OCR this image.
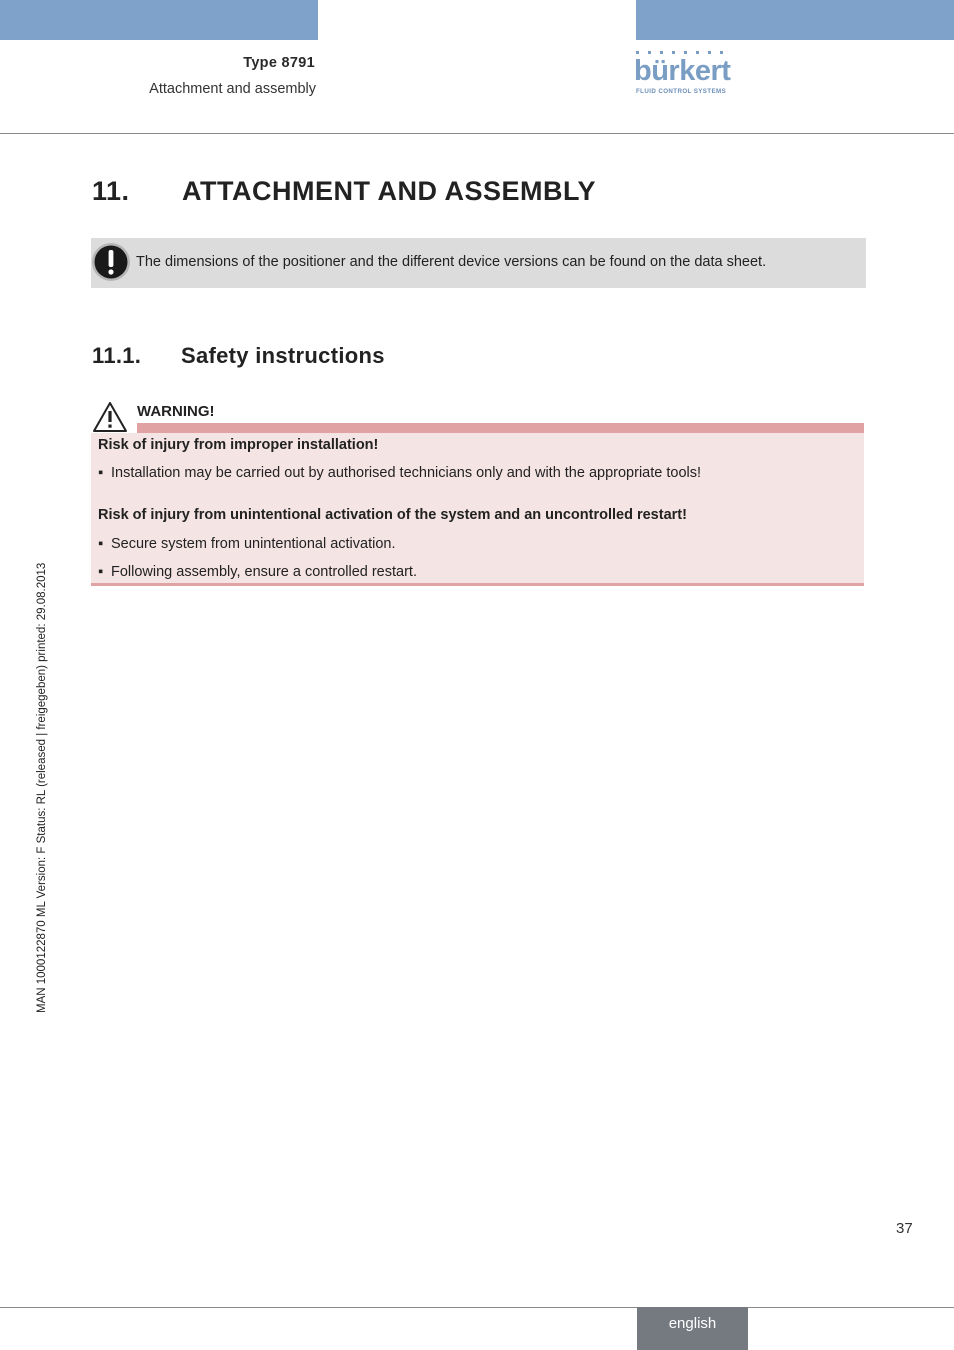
Type 8791
Attachment and assembly
bürkert
FLUID CONTROL SYSTEMS
11. ATTACHMENT AND ASSEMBLY
The dimensions of the positioner and the different device versions can be found on the data sheet.
11.1. Safety instructions
WARNING!
Risk of injury from improper installation!
▪ Installation may be carried out by authorised technicians only and with the appropriate tools!
Risk of injury from unintentional activation of the system and an uncontrolled restart!
▪ Secure system from unintentional activation.
▪ Following assembly, ensure a controlled restart.
MAN 1000122870 ML Version: F Status: RL (released | freigegeben) printed: 29.08.2013
37
english
